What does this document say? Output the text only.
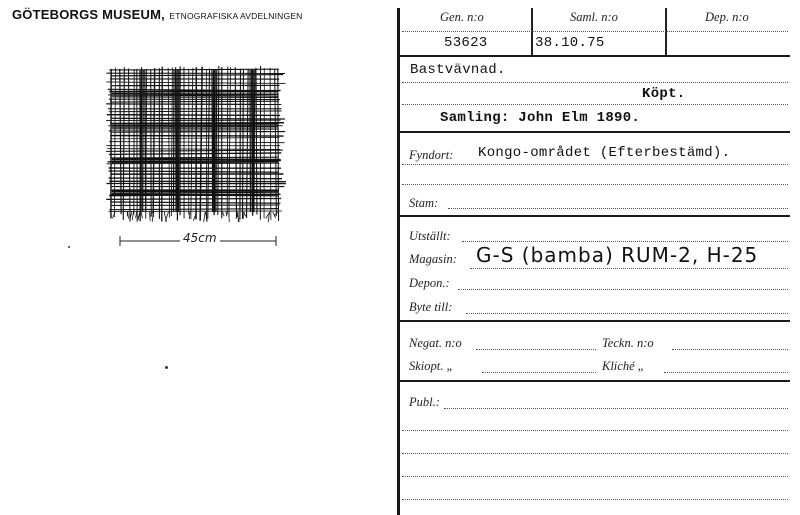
GÖTEBORGS MUSEUM, ETNOGRAFISKA AVDELNINGEN
45cm
Gen. n:o	Saml. n:o	Dep. n:o
53623	38.10.75
Bastvävnad.
Köpt.
Samling: John Elm 1890.
Fyndort: Kongo-området (Efterbestämd).
Stam:
Utställt:
Magasin: G-S (bamba) RUM-2, H-25
Depon.:
Byte till:
Negat. n:o	Teckn. n:o
Skiopt. „	Kliché „
Publ.:
